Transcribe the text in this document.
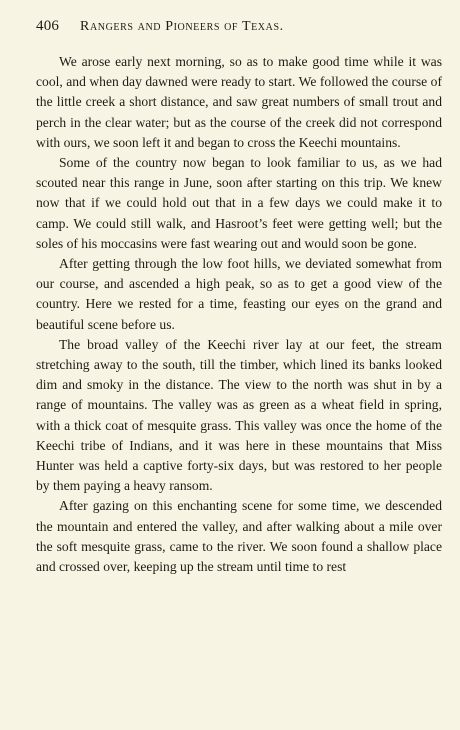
406	Rangers and Pioneers of Texas.

We arose early next morning, so as to make good time while it was cool, and when day dawned were ready to start. We followed the course of the little creek a short distance, and saw great numbers of small trout and perch in the clear water; but as the course of the creek did not correspond with ours, we soon left it and began to cross the Keechi mountains.

Some of the country now began to look familiar to us, as we had scouted near this range in June, soon after starting on this trip. We knew now that if we could hold out that in a few days we could make it to camp. We could still walk, and Hasroot’s feet were getting well; but the soles of his moccasins were fast wearing out and would soon be gone.

After getting through the low foot hills, we deviated somewhat from our course, and ascended a high peak, so as to get a good view of the country. Here we rested for a time, feasting our eyes on the grand and beautiful scene before us.

The broad valley of the Keechi river lay at our feet, the stream stretching away to the south, till the timber, which lined its banks looked dim and smoky in the distance. The view to the north was shut in by a range of mountains. The valley was as green as a wheat field in spring, with a thick coat of mesquite grass. This valley was once the home of the Keechi tribe of Indians, and it was here in these mountains that Miss Hunter was held a captive forty-six days, but was restored to her people by them paying a heavy ransom.

After gazing on this enchanting scene for some time, we descended the mountain and entered the valley, and after walking about a mile over the soft mesquite grass, came to the river. We soon found a shallow place and crossed over, keeping up the stream until time to rest
